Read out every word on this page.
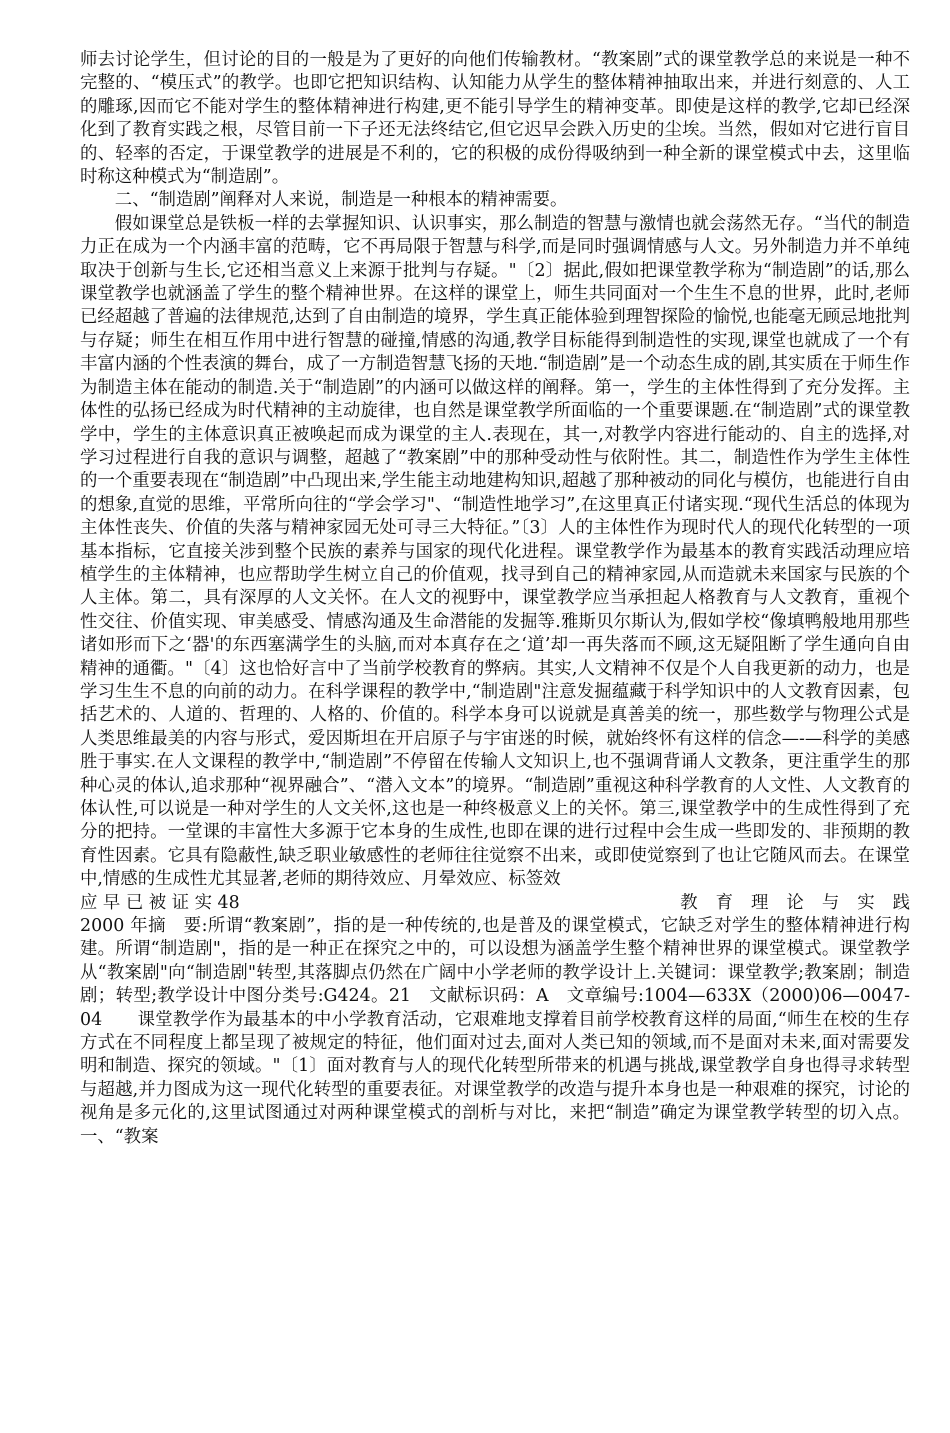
师去讨论学生，但讨论的目的一般是为了更好的向他们传输教材。“教案剧”式的课堂教学总的来说是一种不完整的、“模压式”的教学。也即它把知识结构、认知能力从学生的整体精神抽取出来，并进行刻意的、人工的雕琢,因而它不能对学生的整体精神进行构建,更不能引导学生的精神变革。即使是这样的教学,它却已经深化到了教育实践之根，尽管目前一下子还无法终结它,但它迟早会跌入历史的尘埃。当然，假如对它进行盲目的、轻率的否定，于课堂教学的进展是不利的，它的积极的成份得吸纳到一种全新的课堂模式中去，这里临时称这种模式为“制造剧”。

二、“制造剧”阐释对人来说，制造是一种根本的精神需要。

假如课堂总是铁板一样的去掌握知识、认识事实，那么制造的智慧与激情也就会荡然无存。“当代的制造力正在成为一个内涵丰富的范畴，它不再局限于智慧与科学,而是同时强调情感与人文。另外制造力并不单纯取决于创新与生长,它还相当意义上来源于批判与存疑。"〔2〕据此,假如把课堂教学称为“制造剧”的话,那么课堂教学也就涵盖了学生的整个精神世界。在这样的课堂上，师生共同面对一个生生不息的世界，此时,老师已经超越了普遍的法律规范,达到了自由制造的境界，学生真正能体验到理智探险的愉悦,也能毫无顾忌地批判与存疑；师生在相互作用中进行智慧的碰撞,情感的沟通,教学目标能得到制造性的实现,课堂也就成了一个有丰富内涵的个性表演的舞台，成了一方制造智慧飞扬的天地.“制造剧”是一个动态生成的剧,其实质在于师生作为制造主体在能动的制造.关于“制造剧”的内涵可以做这样的阐释。第一，学生的主体性得到了充分发挥。主体性的弘扬已经成为时代精神的主动旋律，也自然是课堂教学所面临的一个重要课题.在“制造剧”式的课堂教学中，学生的主体意识真正被唤起而成为课堂的主人.表现在，其一,对教学内容进行能动的、自主的选择,对学习过程进行自我的意识与调整，超越了“教案剧”中的那种受动性与依附性。其二，制造性作为学生主体性的一个重要表现在“制造剧”中凸现出来,学生能主动地建构知识,超越了那种被动的同化与模仿，也能进行自由的想象,直觉的思维，平常所向往的“学会学习"、“制造性地学习”,在这里真正付诸实现.“现代生活总的体现为主体性丧失、价值的失落与精神家园无处可寻三大特征。”〔3〕人的主体性作为现时代人的现代化转型的一项基本指标，它直接关涉到整个民族的素养与国家的现代化进程。课堂教学作为最基本的教育实践活动理应培植学生的主体精神，也应帮助学生树立自己的价值观，找寻到自己的精神家园,从而造就未来国家与民族的个人主体。第二，具有深厚的人文关怀。在人文的视野中，课堂教学应当承担起人格教育与人文教育，重视个性交往、价值实现、审美感受、情感沟通及生命潜能的发掘等.雅斯贝尔斯认为,假如学校“像填鸭般地用那些诸如形而下之‘器'的东西塞满学生的头脑,而对本真存在之‘道’却一再失落而不顾,这无疑阻断了学生通向自由精神的通衢。"〔4〕这也恰好言中了当前学校教育的弊病。其实,人文精神不仅是个人自我更新的动力，也是学习生生不息的向前的动力。在科学课程的教学中,“制造剧"注意发掘蕴藏于科学知识中的人文教育因素，包括艺术的、人道的、哲理的、人格的、价值的。科学本身可以说就是真善美的统一，那些数学与物理公式是人类思维最美的内容与形式，爱因斯坦在开启原子与宇宙迷的时候，就始终怀有这样的信念—-—科学的美感胜于事实.在人文课程的教学中,“制造剧”不停留在传输人文知识上,也不强调背诵人文教条，更注重学生的那种心灵的体认,追求那种“视界融合”、“潜入文本”的境界。“制造剧”重视这种科学教育的人文性、人文教育的体认性,可以说是一种对学生的人文关怀,这也是一种终极意义上的关怀。第三,课堂教学中的生成性得到了充分的把持。一堂课的丰富性大多源于它本身的生成性,也即在课的进行过程中会生成一些即发的、非预期的教育性因素。它具有隐蔽性,缺乏职业敏感性的老师往往觉察不出来，或即使觉察到了也让它随风而去。在课堂中,情感的生成性尤其显著,老师的期待效应、月晕效应、标签效

应 早 已 被 证 实 48	教育理论与实践

2000 年摘　要:所谓“教案剧”，指的是一种传统的,也是普及的课堂模式，它缺乏对学生的整体精神进行构建。所谓“制造剧"，指的是一种正在探究之中的，可以设想为涵盖学生整个精神世界的课堂模式。课堂教学从“教案剧"向“制造剧"转型,其落脚点仍然在广阔中小学老师的教学设计上.关键词：课堂教学;教案剧；制造剧；转型;教学设计中图分类号:G424。21　文献标识码：A　文章编号:1004—633X（2000)06—0047-04　　课堂教学作为最基本的中小学教育活动，它艰难地支撑着目前学校教育这样的局面,“师生在校的生存方式在不同程度上都呈现了被规定的特征，他们面对过去,面对人类已知的领域,而不是面对未来,面对需要发明和制造、探究的领域。"〔1〕面对教育与人的现代化转型所带来的机遇与挑战,课堂教学自身也得寻求转型与超越,并力图成为这一现代化转型的重要表征。对课堂教学的改造与提升本身也是一种艰难的探究，讨论的视角是多元化的,这里试图通过对两种课堂模式的剖析与对比，来把“制造”确定为课堂教学转型的切入点。一、“教案
